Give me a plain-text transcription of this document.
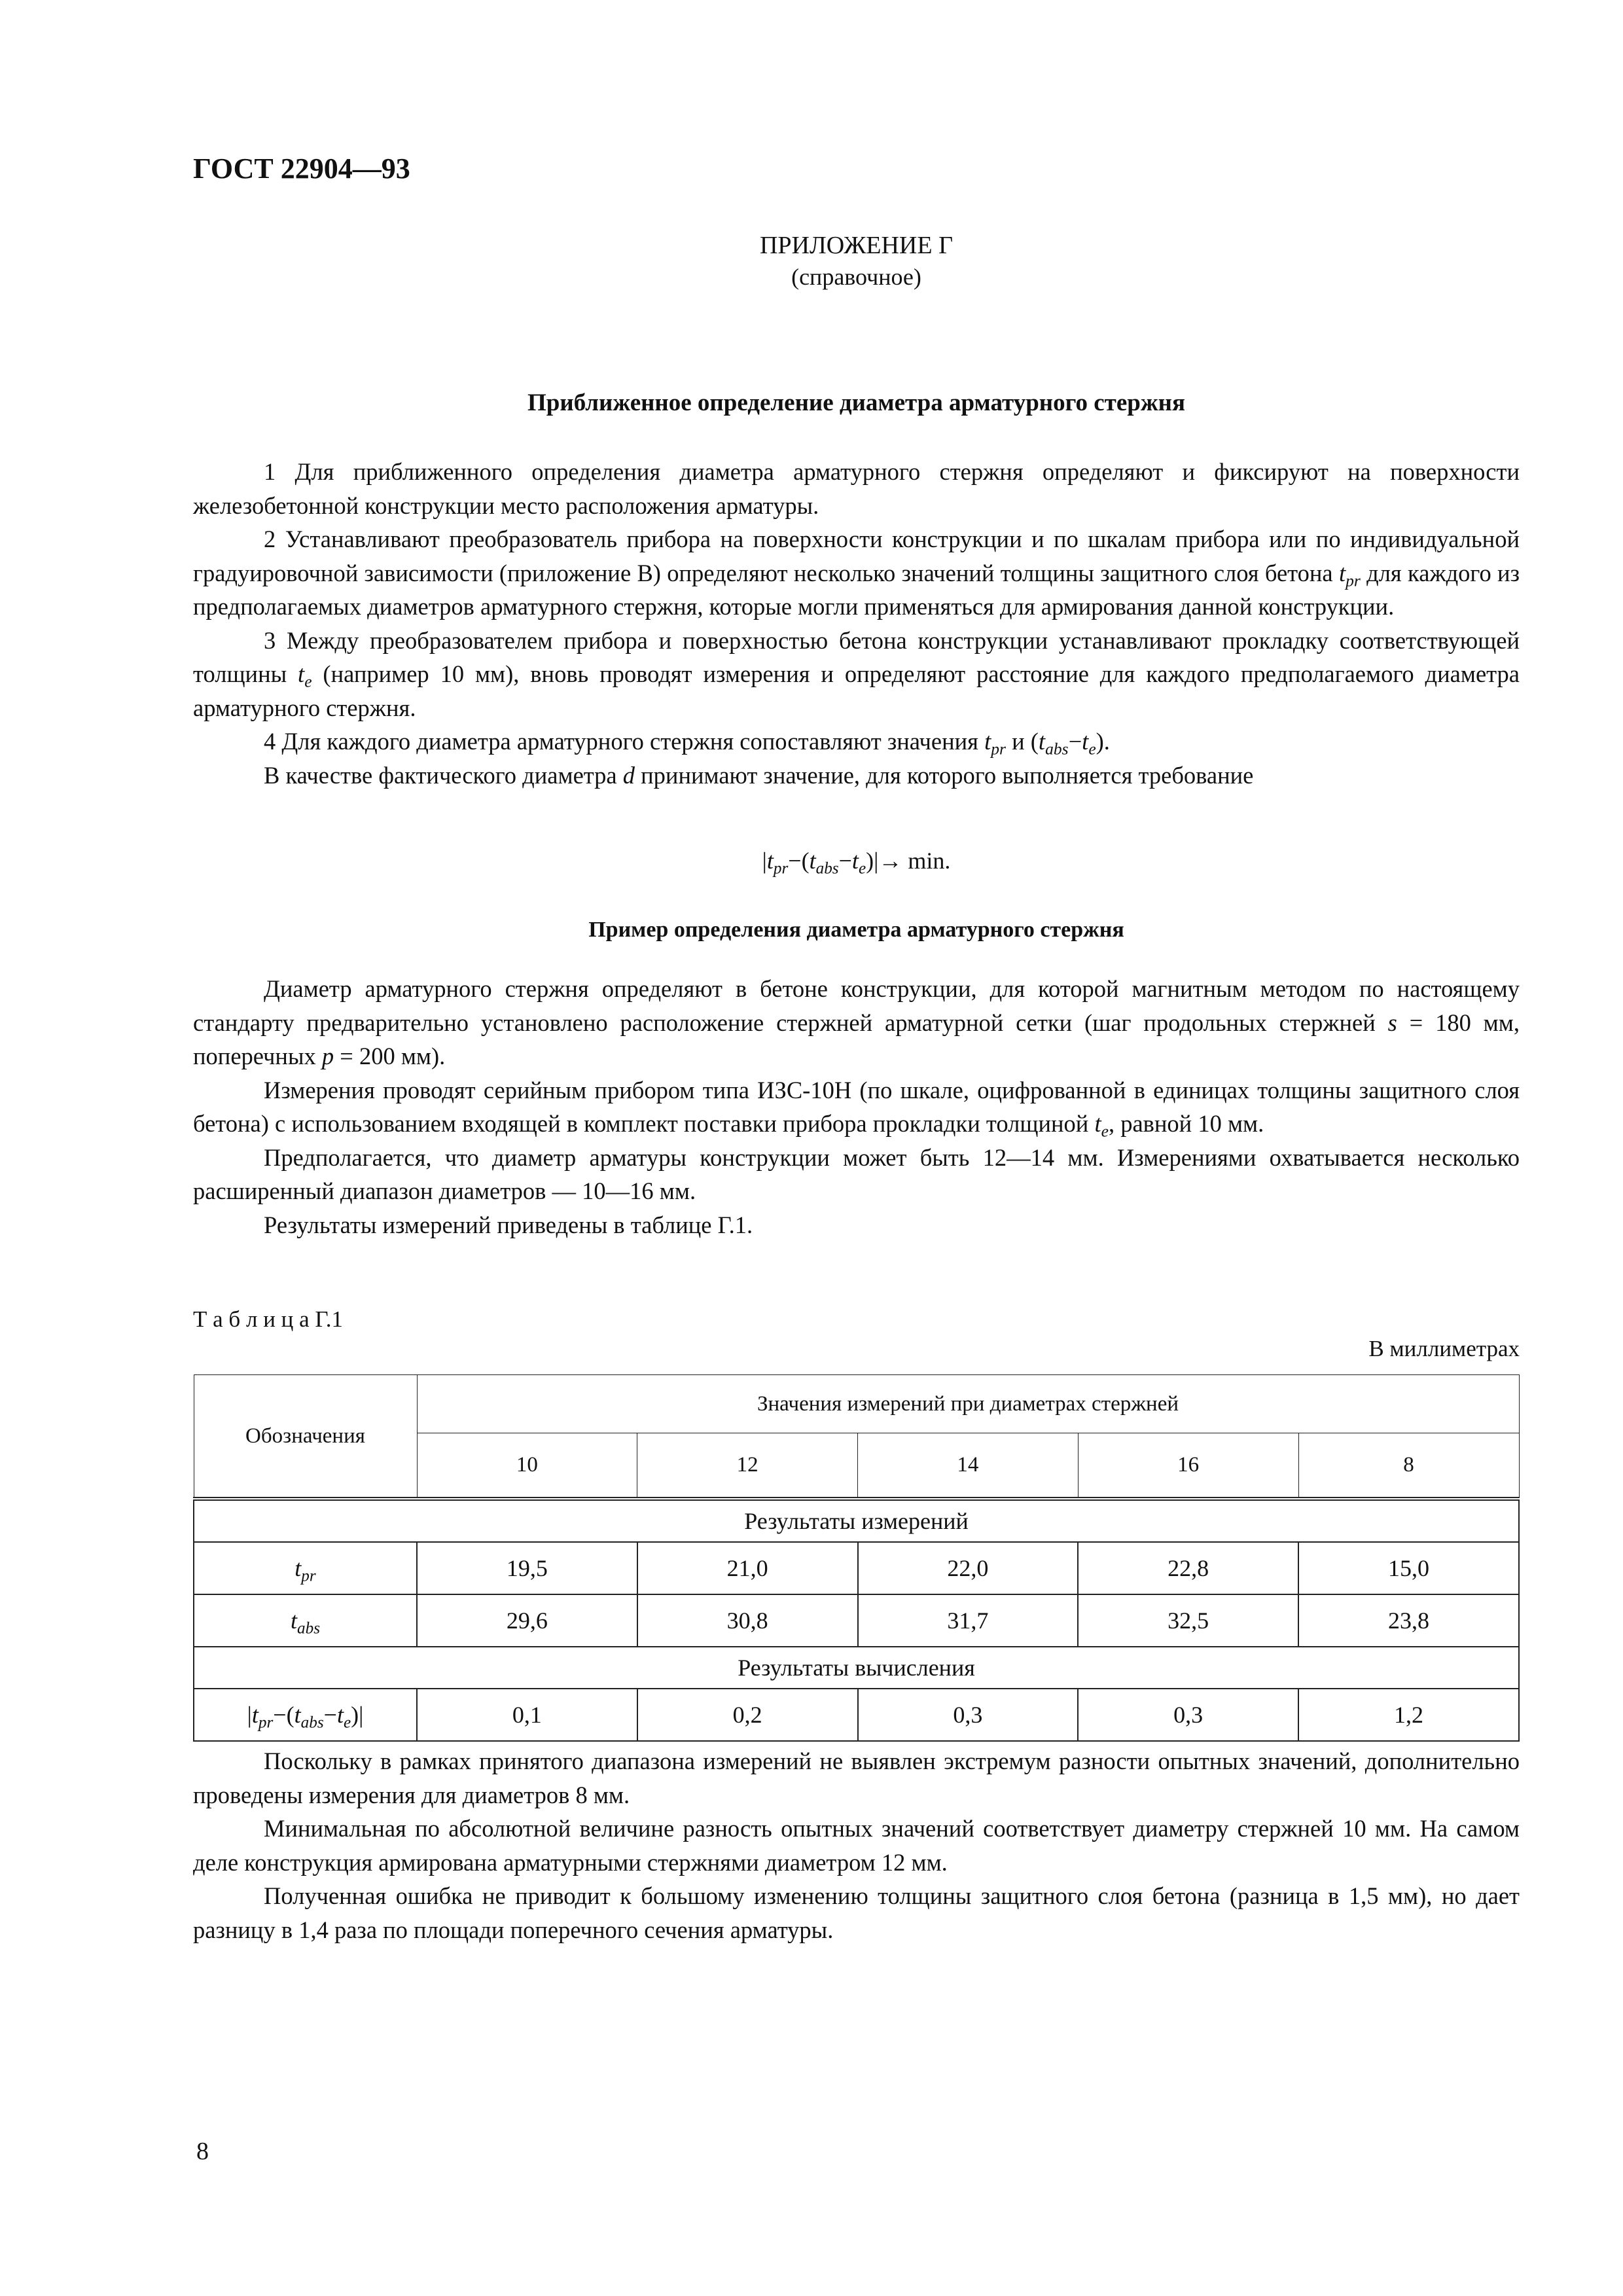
ГОСТ 22904—93
ПРИЛОЖЕНИЕ Г
(справочное)
Приближенное определение диаметра арматурного стержня

1 Для приближенного определения диаметра арматурного стержня определяют и фиксируют на поверхности железобетонной конструкции место расположения арматуры.

2 Устанавливают преобразователь прибора на поверхности конструкции и по шкалам прибора или по индивидуальной градуировочной зависимости (приложение В) определяют несколько значений толщины защитного слоя бетона $t_{pr}$ для каждого из предполагаемых диаметров арматурного стержня, которые могли применяться для армирования данной конструкции.

3 Между преобразователем прибора и поверхностью бетона конструкции устанавливают прокладку соответствующей толщины $t_e$ (например 10 мм), вновь проводят измерения и определяют расстояние для каждого предполагаемого диаметра арматурного стержня.

4 Для каждого диаметра арматурного стержня сопоставляют значения $t_{pr}$ и $(t_{abs}-t_e)$.

В качестве фактического диаметра d принимают значение, для которого выполняется требование

$|t_{pr}-(t_{abs}-t_e)|\to \min$.
Пример определения диаметра арматурного стержня

Диаметр арматурного стержня определяют в бетоне конструкции, для которой магнитным методом по настоящему стандарту предварительно установлено расположение стержней арматурной сетки (шаг продольных стержней s = 180 мм, поперечных p = 200 мм).

Измерения проводят серийным прибором типа ИЗС-10Н (по шкале, оцифрованной в единицах толщины защитного слоя бетона) с использованием входящей в комплект поставки прибора прокладки толщиной $t_e$, равной 10 мм.

Предполагается, что диаметр арматуры конструкции может быть 12—14 мм. Измерениями охватывается несколько расширенный диапазон диаметров — 10—16 мм.

Результаты измерений приведены в таблице Г.1.

Т а б л и ц а Г.1
В миллиметрах
Обозначения	Значения измерений при диаметрах стержней				
	10	12	14	16	8
Результаты измерений					
$t_{pr}$	19,5	21,0	22,0	22,8	15,0
$t_{abs}$	29,6	30,8	31,7	32,5	23,8
Результаты вычисления					
$|t_{pr}-(t_{abs}-t_e)|$	0,1	0,2	0,3	0,3	1,2

Поскольку в рамках принятого диапазона измерений не выявлен экстремум разности опытных значений, дополнительно проведены измерения для диаметров 8 мм.

Минимальная по абсолютной величине разность опытных значений соответствует диаметру стержней 10 мм. На самом деле конструкция армирована арматурными стержнями диаметром 12 мм.

Полученная ошибка не приводит к большому изменению толщины защитного слоя бетона (разница в 1,5 мм), но дает разницу в 1,4 раза по площади поперечного сечения арматуры.

8
